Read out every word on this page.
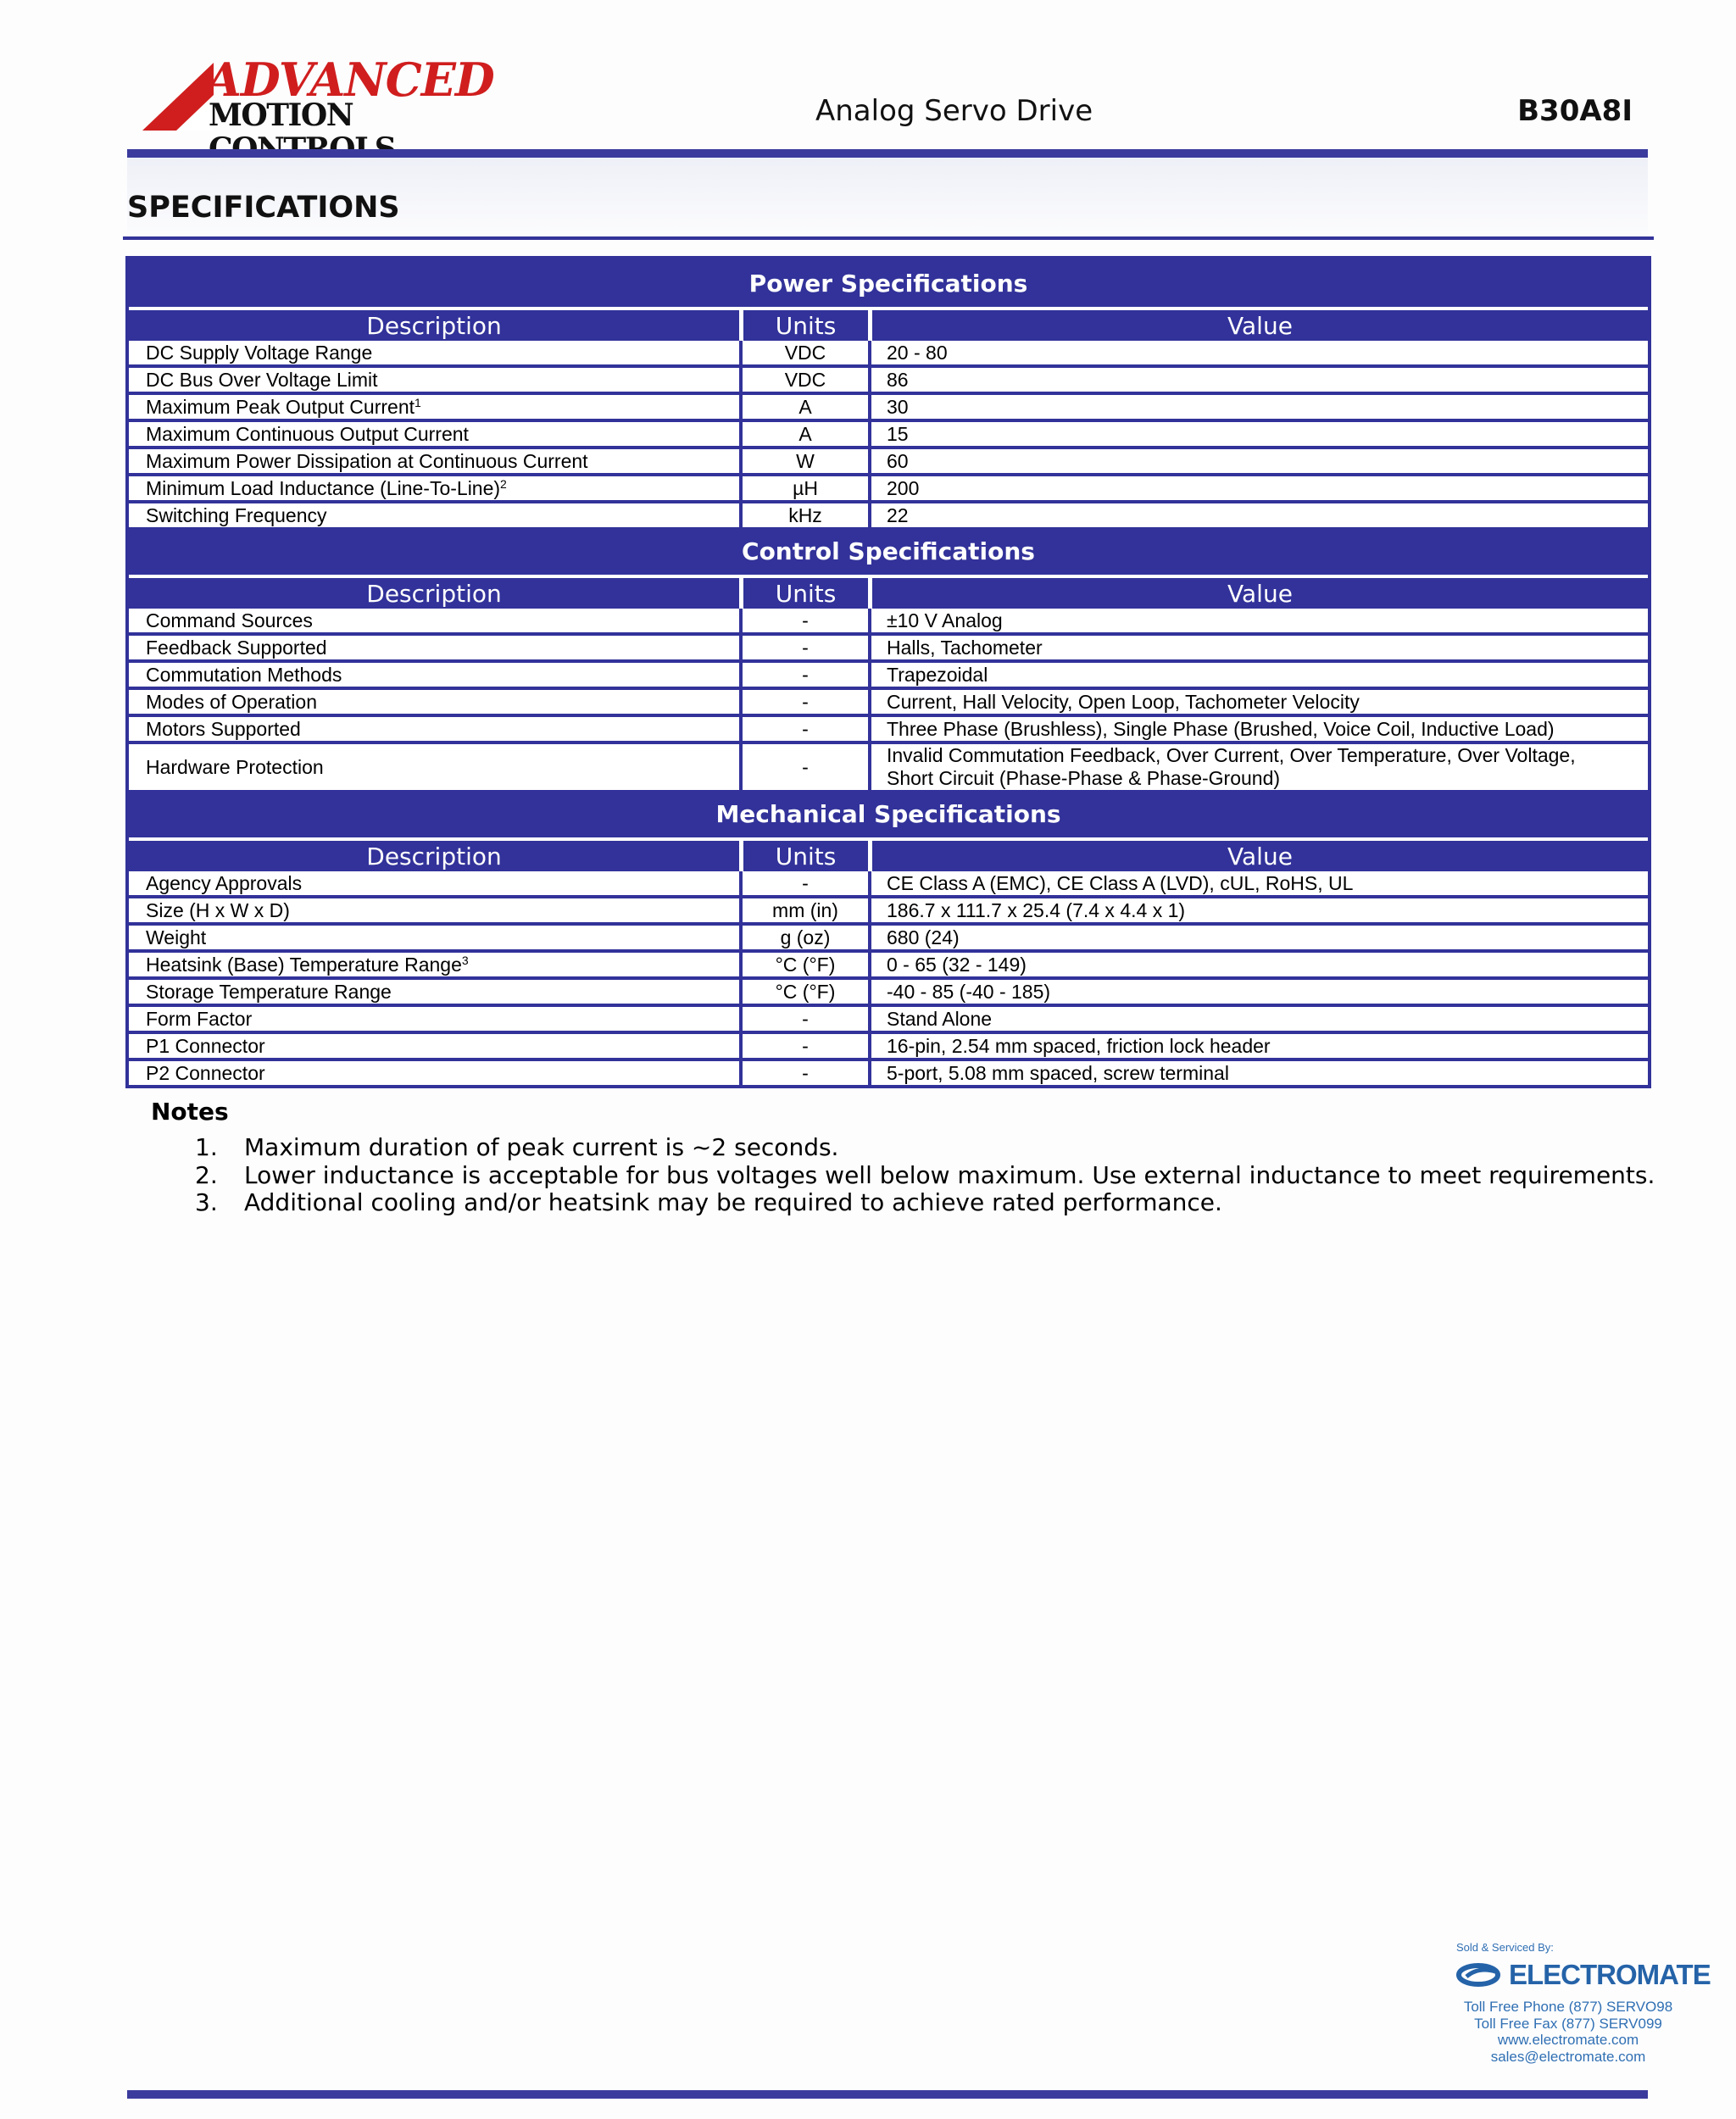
ADVANCED
MOTION	Analog Servo Drive	B30A8I
SPECIFICATIONS
Power Specifications		
Description	Units	Value
DC Supply Voltage Range	VDC	20 - 80

DC Bus Over Voltage Limit	VDC	86

Maximum Peak Output Current$^1$	A	30

Maximum Continuous Output Current	A	15

Maximum Power Dissipation at Continuous Current	W	60

Minimum Load Inductance (Line-To-Line)$^2$	µH	200

Switching Frequency	kHz	22

Control Specifications		
Description	Units	Value
Command Sources	-	±10 V Analog

Feedback Supported	-	Halls, Tachometer

Commutation Methods	-	Trapezoidal

Modes of Operation	-	Current, Hall Velocity, Open Loop, Tachometer Velocity

Motors Supported	-	Three Phase (Brushless), Single Phase (Brushed, Voice Coil, Inductive Load)

Hardware Protection	-	Invalid Commutation Feedback, Over Current, Over Temperature, Over Voltage,
Short Circuit (Phase-Phase & Phase-Ground)

Mechanical Specifications		
Description	Units	Value
Agency Approvals	-	CE Class A (EMC), CE Class A (LVD), cUL, RoHS, UL

Size (H x W x D)	mm (in)	186.7 x 111.7 x 25.4 (7.4 x 4.4 x 1)

Weight	g (oz)	680 (24)

Heatsink (Base) Temperature Range$^3$	°C (°F)	0 - 65 (32 - 149)

Storage Temperature Range	°C (°F)	-40 - 85 (-40 - 185)

Form Factor	-	Stand Alone

P1 Connector	-	16-pin, 2.54 mm spaced, friction lock header

P2 Connector	-	5-port, 5.08 mm spaced, screw terminal
Notes
1. Maximum duration of peak current is ~2 seconds.
2. Lower inductance is acceptable for bus voltages well below maximum. Use external inductance to meet requirements.
3. Additional cooling and/or heatsink may be required to achieve rated performance.
Sold & Serviced By:
ELECTROMATE
Toll Free Phone (877) SERVO98
Toll Free Fax (877) SERV099
www.electromate.com
sales@electromate.com
